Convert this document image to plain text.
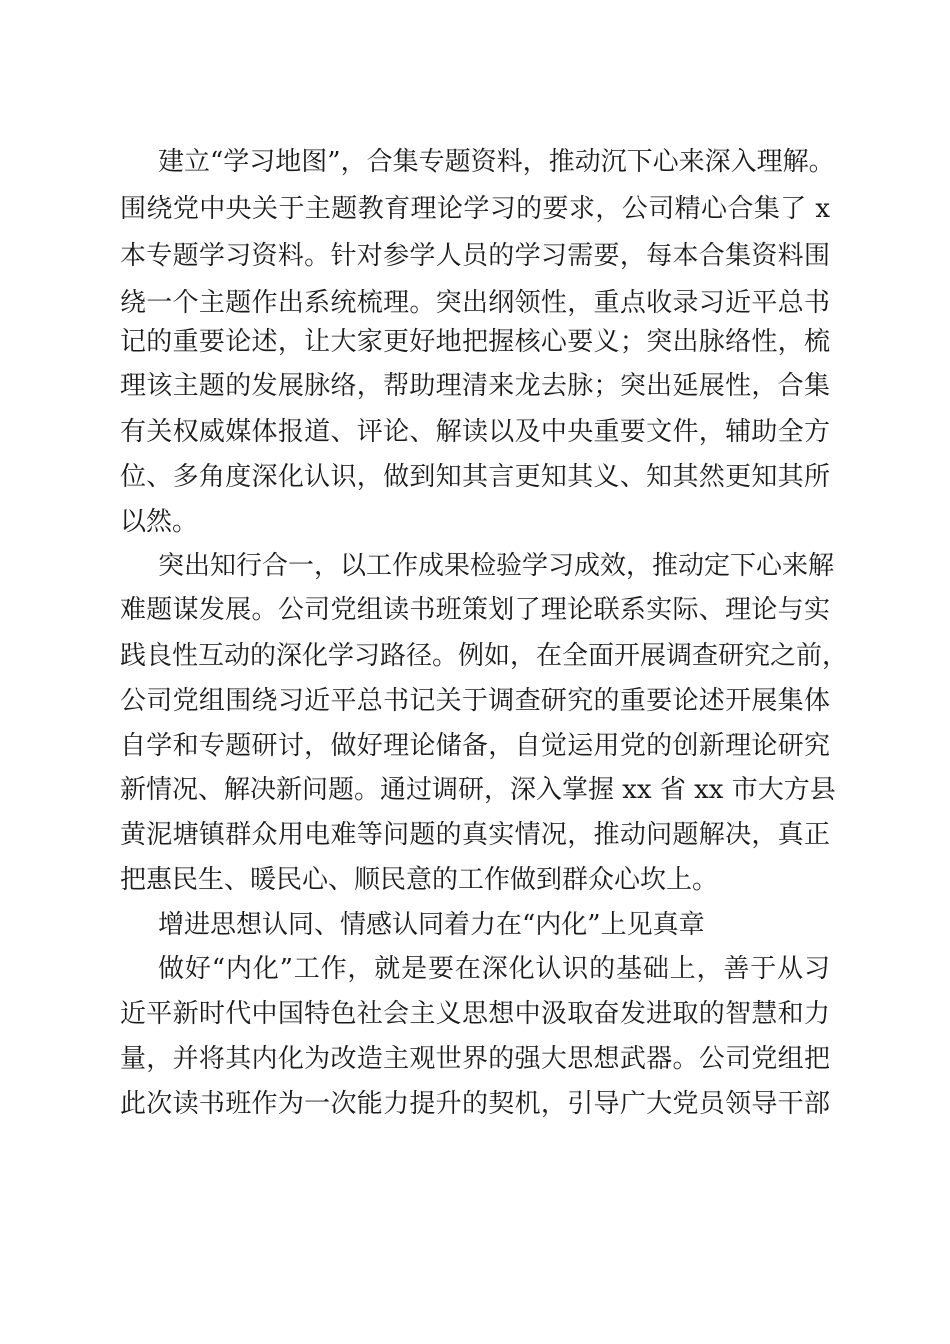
建立“学习地图”，合集专题资料，推动沉下心来深入理解。
围绕党中央关于主题教育理论学习的要求，公司精心合集了 x
本专题学习资料。针对参学人员的学习需要，每本合集资料围
绕一个主题作出系统梳理。突出纲领性，重点收录习近平总书
记的重要论述，让大家更好地把握核心要义；突出脉络性，梳
理该主题的发展脉络，帮助理清来龙去脉；突出延展性，合集
有关权威媒体报道、评论、解读以及中央重要文件，辅助全方
位、多角度深化认识，做到知其言更知其义、知其然更知其所
以然。
突出知行合一，以工作成果检验学习成效，推动定下心来解
难题谋发展。公司党组读书班策划了理论联系实际、理论与实
践良性互动的深化学习路径。例如，在全面开展调查研究之前，
公司党组围绕习近平总书记关于调查研究的重要论述开展集体
自学和专题研讨，做好理论储备，自觉运用党的创新理论研究
新情况、解决新问题。通过调研，深入掌握 xx 省 xx 市大方县
黄泥塘镇群众用电难等问题的真实情况，推动问题解决，真正
把惠民生、暖民心、顺民意的工作做到群众心坎上。
增进思想认同、情感认同着力在“内化”上见真章
做好“内化”工作，就是要在深化认识的基础上，善于从习
近平新时代中国特色社会主义思想中汲取奋发进取的智慧和力
量，并将其内化为改造主观世界的强大思想武器。公司党组把
此次读书班作为一次能力提升的契机，引导广大党员领导干部
